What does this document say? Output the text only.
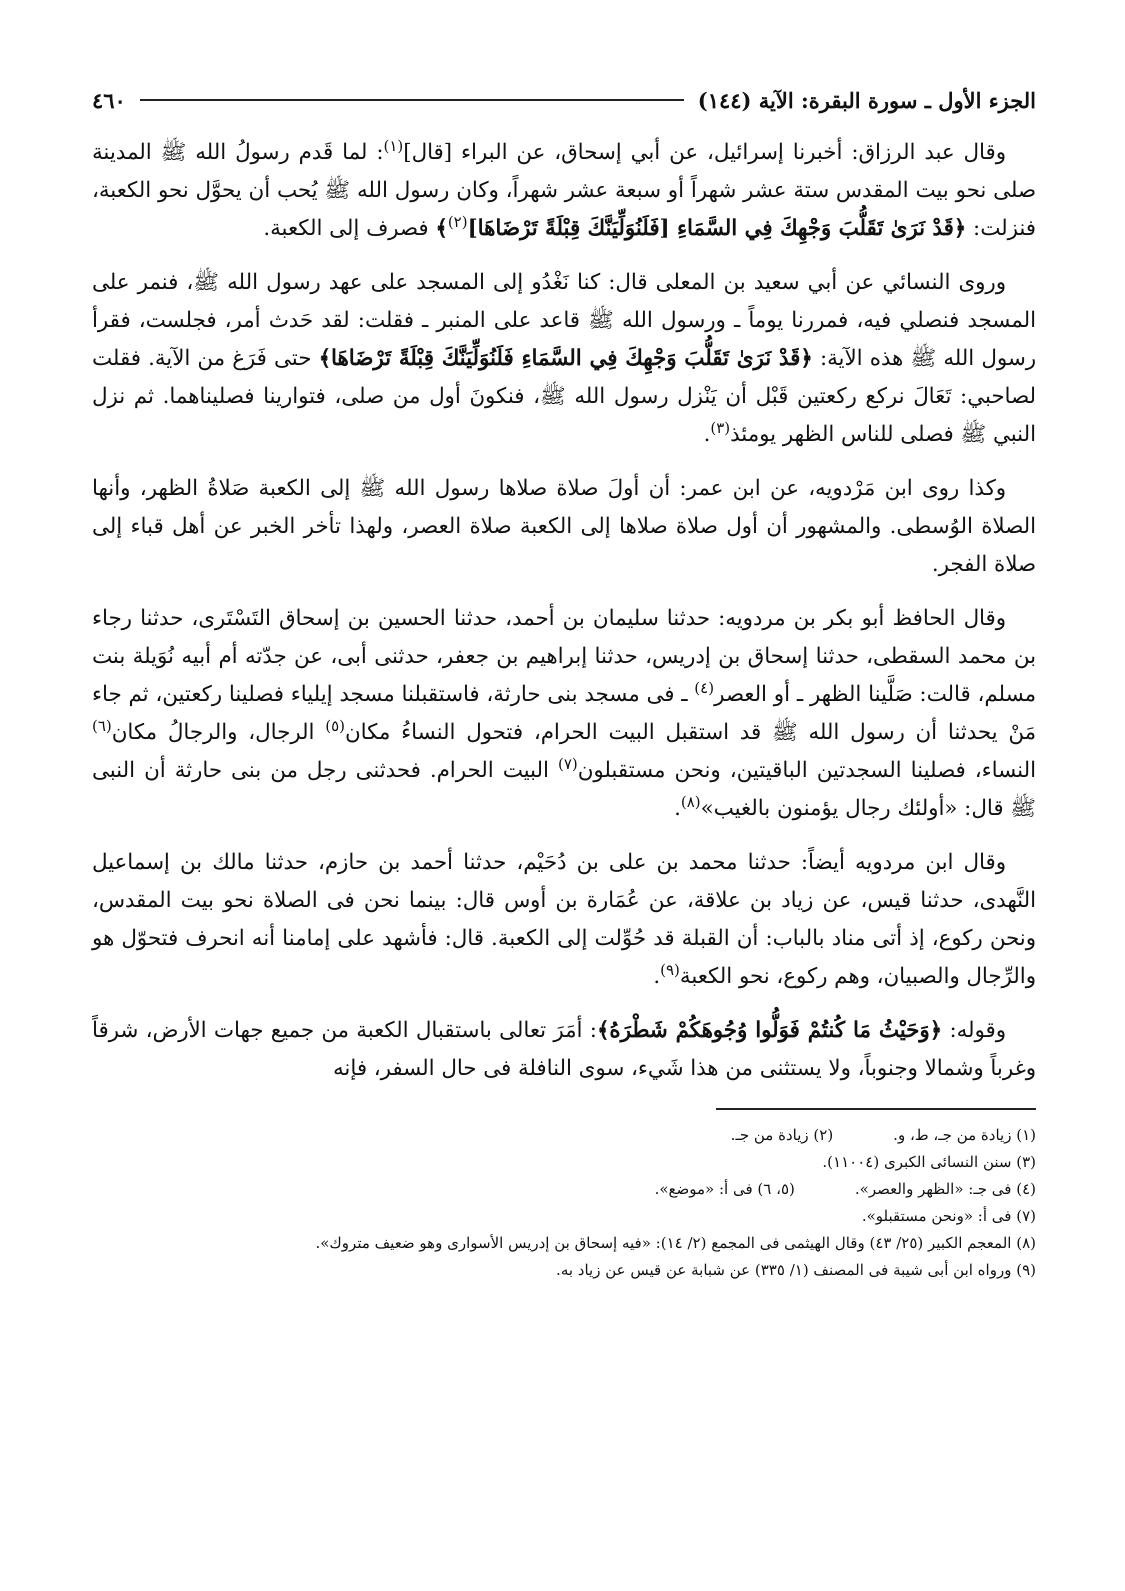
الجزء الأول ـ سورة البقرة: الآية (١٤٤)
٤٦٠

وقال عبد الرزاق: أخبرنا إسرائيل، عن أبي إسحاق، عن البراء [قال]$^{(١)}$: لما قَدم رسولُ الله ﷺ المدينة صلى نحو بيت المقدس ستة عشر شهراً أو سبعة عشر شهراً، وكان رسول الله ﷺ يُحب أن يحوَّل نحو الكعبة، فنزلت: ﴿قَدْ نَرَىٰ تَقَلُّبَ وَجْهِكَ فِي السَّمَاءِ [فَلَنُوَلِّيَنَّكَ قِبْلَةً تَرْضَاهَا]$^{(٢)}$﴾ فصرف إلى الكعبة.

وروى النسائي عن أبي سعيد بن المعلى قال: كنا نَغْدُو إلى المسجد على عهد رسول الله ﷺ، فنمر على المسجد فنصلي فيه، فمررنا يوماً ـ ورسول الله ﷺ قاعد على المنبر ـ فقلت: لقد حَدث أمر، فجلست، فقرأ رسول الله ﷺ هذه الآية: ﴿قَدْ نَرَىٰ تَقَلُّبَ وَجْهِكَ فِي السَّمَاءِ فَلَنُوَلِّيَنَّكَ قِبْلَةً تَرْضَاهَا﴾ حتى فَرَغ من الآية. فقلت لصاحبي: تَعَالَ نركع ركعتين قَبْل أن يَنْزل رسول الله ﷺ، فنكونَ أول من صلى، فتوارينا فصليناهما. ثم نزل النبي ﷺ فصلى للناس الظهر يومئذ$^{(٣)}$.

وكذا روى ابن مَرْدويه، عن ابن عمر: أن أولَ صلاة صلاها رسول الله ﷺ إلى الكعبة صَلاةُ الظهر، وأنها الصلاة الوُسطى. والمشهور أن أول صلاة صلاها إلى الكعبة صلاة العصر، ولهذا تأخر الخبر عن أهل قباء إلى صلاة الفجر.

وقال الحافظ أبو بكر بن مردويه: حدثنا سليمان بن أحمد، حدثنا الحسين بن إسحاق التَسْتَرى، حدثنا رجاء بن محمد السقطى، حدثنا إسحاق بن إدريس، حدثنا إبراهيم بن جعفر، حدثنى أبى، عن جدّته أم أبيه نُوَيلة بنت مسلم، قالت: صَلَّينا الظهر ـ أو العصر$^{(٤)}$ ـ فى مسجد بنى حارثة، فاستقبلنا مسجد إيلياء فصلينا ركعتين، ثم جاء مَنْ يحدثنا أن رسول الله ﷺ قد استقبل البيت الحرام، فتحول النساءُ مكان$^{(٥)}$ الرجال، والرجالُ مكان$^{(٦)}$ النساء، فصلينا السجدتين الباقيتين، ونحن مستقبلون$^{(٧)}$ البيت الحرام. فحدثنى رجل من بنى حارثة أن النبى ﷺ قال: «أولئك رجال يؤمنون بالغيب»$^{(٨)}$.

وقال ابن مردويه أيضاً: حدثنا محمد بن على بن دُحَيْم، حدثنا أحمد بن حازم، حدثنا مالك بن إسماعيل النَّهدى، حدثنا قيس، عن زياد بن علاقة، عن عُمَارة بن أوس قال: بينما نحن فى الصلاة نحو بيت المقدس، ونحن ركوع، إذ أتى مناد بالباب: أن القبلة قد حُوِّلت إلى الكعبة. قال: فأشهد على إمامنا أنه انحرف فتحوّل هو والرِّجال والصبيان، وهم ركوع، نحو الكعبة$^{(٩)}$.

وقوله: ﴿وَحَيْثُ مَا كُنتُمْ فَوَلُّوا وُجُوهَكُمْ شَطْرَهُ﴾: أمَرَ تعالى باستقبال الكعبة من جميع جهات الأرض، شرقاً وغرباً وشمالا وجنوباً، ولا يستثنى من هذا شَيء، سوى النافلة فى حال السفر، فإنه

(١) زيادة من جـ، ط، و.
(٢) زيادة من جـ.
(٣) سنن النسائى الكبرى (١١٠٠٤).
(٤) فى جـ: «الظهر والعصر».
(٥، ٦) فى أ: «موضع».
(٧) فى أ: «ونحن مستقبلو».
(٨) المعجم الكبير (٢٥/ ٤٣) وقال الهيثمى فى المجمع (٢/ ١٤): «فيه إسحاق بن إدريس الأسوارى وهو ضعيف متروك».
(٩) ورواه ابن أبى شيبة فى المصنف (١/ ٣٣٥) عن شبابة عن قيس عن زياد به.
